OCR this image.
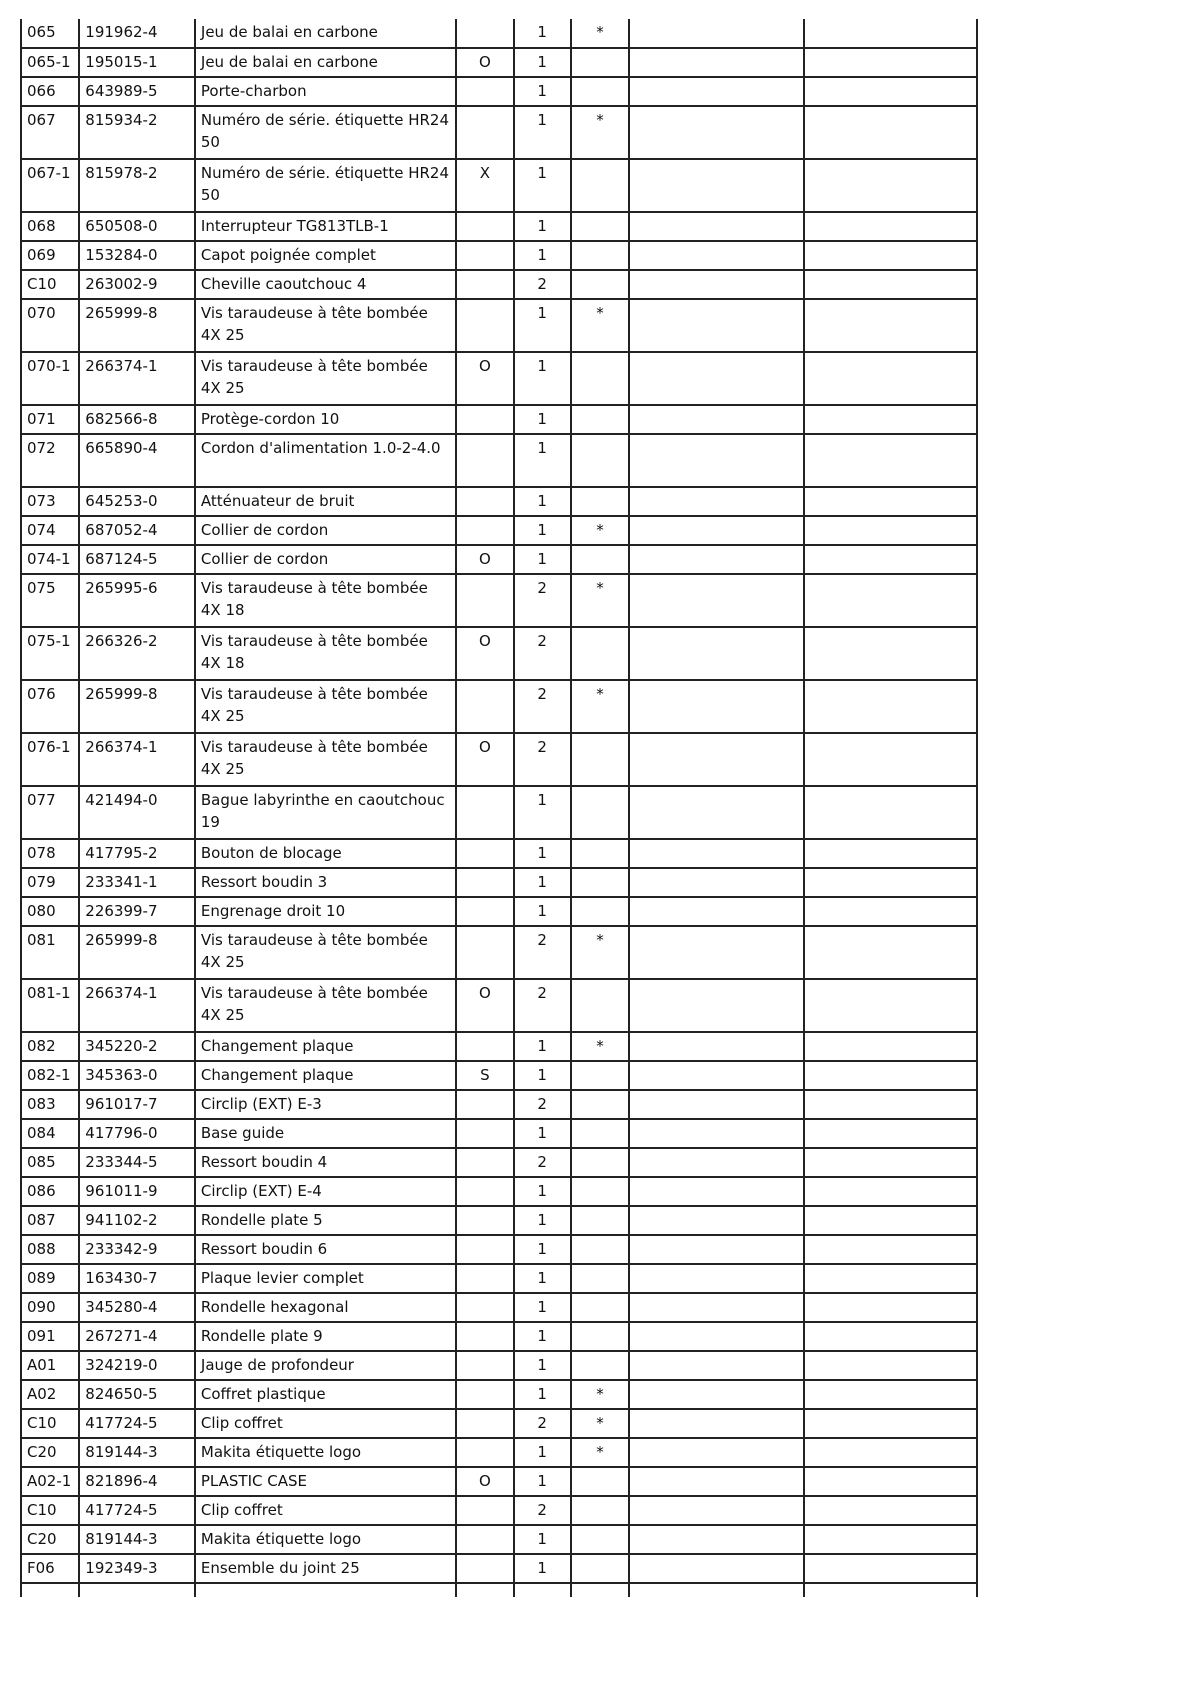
065	191962-4	Jeu de balai en carbone		1	*		
065-1	195015-1	Jeu de balai en carbone	O	1			
066	643989-5	Porte-charbon		1			
067	815934-2	Numéro de série. étiquette HR24 50		1	*		
067-1	815978-2	Numéro de série. étiquette HR24 50	X	1			
068	650508-0	Interrupteur TG813TLB-1		1			
069	153284-0	Capot poignée complet		1			
C10	263002-9	Cheville caoutchouc 4		2			
070	265999-8	Vis taraudeuse à tête bombée 4X 25		1	*		
070-1	266374-1	Vis taraudeuse à tête bombée 4X 25	O	1			
071	682566-8	Protège-cordon 10		1			
072	665890-4	Cordon d'alimentation 1.0-2-4.0		1			
073	645253-0	Atténuateur de bruit		1			
074	687052-4	Collier de cordon		1	*		
074-1	687124-5	Collier de cordon	O	1			
075	265995-6	Vis taraudeuse à tête bombée 4X 18		2	*		
075-1	266326-2	Vis taraudeuse à tête bombée 4X 18	O	2			
076	265999-8	Vis taraudeuse à tête bombée 4X 25		2	*		
076-1	266374-1	Vis taraudeuse à tête bombée 4X 25	O	2			
077	421494-0	Bague labyrinthe en caoutchouc 19		1			
078	417795-2	Bouton de blocage		1			
079	233341-1	Ressort boudin 3		1			
080	226399-7	Engrenage droit 10		1			
081	265999-8	Vis taraudeuse à tête bombée 4X 25		2	*		
081-1	266374-1	Vis taraudeuse à tête bombée 4X 25	O	2			
082	345220-2	Changement plaque		1	*		
082-1	345363-0	Changement plaque	S	1			
083	961017-7	Circlip (EXT) E-3		2			
084	417796-0	Base guide		1			
085	233344-5	Ressort boudin 4		2			
086	961011-9	Circlip (EXT) E-4		1			
087	941102-2	Rondelle plate 5		1			
088	233342-9	Ressort boudin 6		1			
089	163430-7	Plaque levier complet		1			
090	345280-4	Rondelle hexagonal		1			
091	267271-4	Rondelle plate 9		1			
A01	324219-0	Jauge de profondeur		1			
A02	824650-5	Coffret plastique		1	*		
C10	417724-5	Clip coffret		2	*		
C20	819144-3	Makita étiquette logo		1	*		
A02-1	821896-4	PLASTIC CASE	O	1			
C10	417724-5	Clip coffret		2			
C20	819144-3	Makita étiquette logo		1			
F06	192349-3	Ensemble du joint 25		1			
